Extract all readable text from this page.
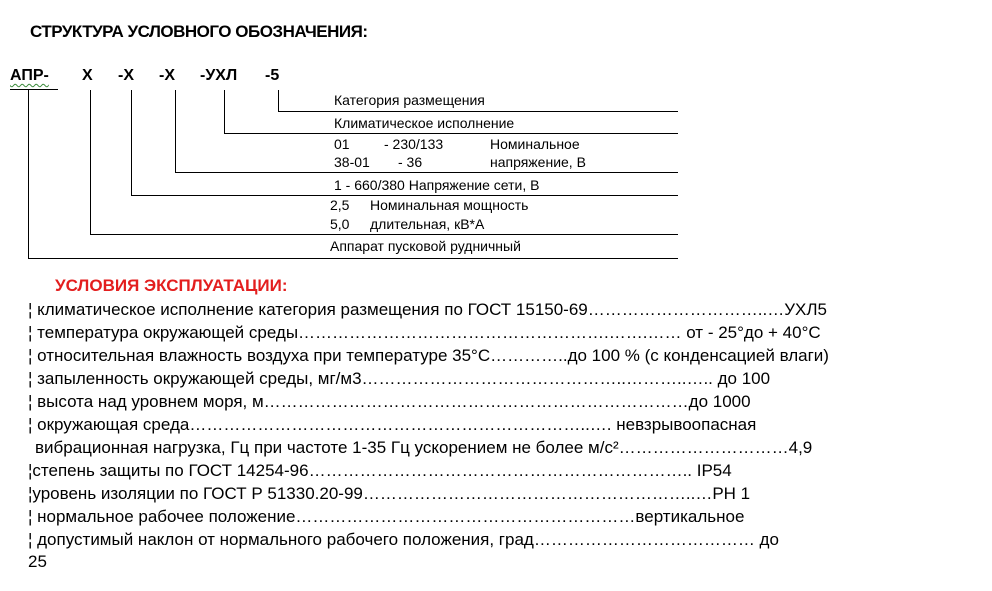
СТРУКТУРА УСЛОВНОГО ОБОЗНАЧЕНИЯ:
АПР- Х -Х -Х -УХЛ -5
Категория размещения
Климатическое исполнение
01 - 230/133
38-01 - 36
Номинальное
напряжение, В
1 - 660/380 Напряжение сети, В
2,5 Номинальная мощность
5,0 длительная, кВ*А
Аппарат пусковой рудничный
УСЛОВИЯ ЭКСПЛУАТАЦИИ:
¦ климатическое исполнение категория размещения по ГОСТ 15150-69…………………………..…УХЛ5
¦ температура окружающей среды……………………………………………….…….…… от - 25°до + 40°С
¦ относительная влажность воздуха при температуре 35°С…………..до 100 % (с конденсацией влаги)
¦ запыленность окружающей среды, мг/м3………………………………………..………..….. до 100
¦ высота над уровнем моря, м…………………………………………………………………до 1000
¦ окружающая среда……………………………………………………………..…. невзрывоопасная
вибрационная нагрузка, Гц при частоте 1-35 Гц ускорением не более м/с²…………………………4,9
¦степень защиты по ГОСТ 14254-96………………………………………………………….. IP54
¦уровень изоляции по ГОСТ Р 51330.20-99…………………………………………………..…РН 1
¦ нормальное рабочее положение……………………………………………………вертикальное
¦ допустимый наклон от нормального рабочего положения, град………………………………… до
25
